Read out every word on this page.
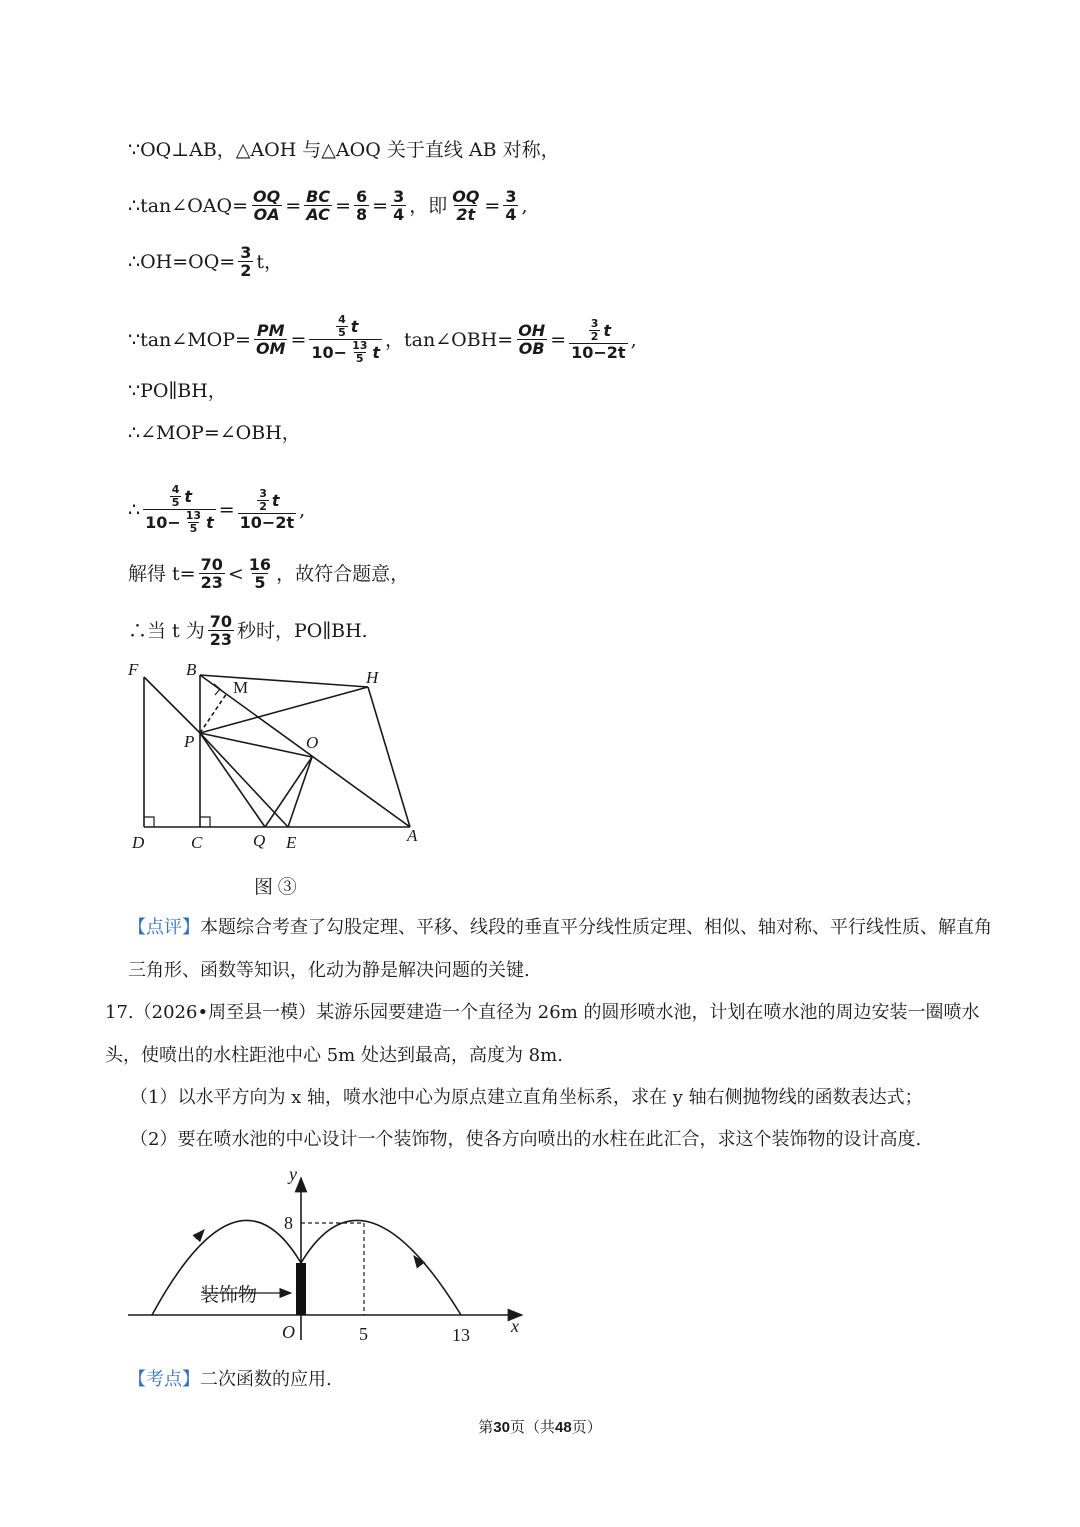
∵OQ⊥AB，△AOH 与△AOQ 关于直线 AB 对称，
∴tan∠OAQ= $\frac{OQ}{OA} = \frac{BC}{AC} = \frac{6}{8} = \frac{3}{4}$ ，即 $\frac{OQ}{2t} = \frac{3}{4}$ ,
∴OH=OQ= $\frac{3}{2}$ t，
∵tan∠MOP= $\frac{PM}{OM} = \frac{\frac{4}{5} t}{10- \frac{13}{5} t}$ ，tan∠OBH= $\frac{OH}{OB} = \frac{\frac{3}{2} t}{10-2t}$ ,
∵PO∥BH，
∴∠MOP=∠OBH，
∴ $\frac{\frac{4}{5} t}{10- \frac{13}{5} t} = \frac{\frac{3}{2} t}{10-2t}$ ,
解得 $t= \frac{70}{23} < \frac{16}{5}$ ，故符合题意，
∴当 t 为 $\frac{70}{23}$ 秒时，PO∥BH.
F	B
M
H
P	O
D	C	Q E	A
图 ③
【点评】本题综合考查了勾股定理、平移、线段的垂直平分线性质定理、相似、轴对称、平行线性质、解直角三角形、函数等知识，化动为静是解决问题的关键.
17.（2026•周至县一模）某游乐园要建造一个直径为 26m 的圆形喷水池，计划在喷水池的周边安装一圈喷水头，使喷出的水柱距池中心 5m 处达到最高，高度为 8m.
（1）以水平方向为 x 轴，喷水池中心为原点建立直角坐标系，求在 y 轴右侧抛物线的函数表达式；
（2）要在喷水池的中心设计一个装饰物，使各方向喷出的水柱在此汇合，求这个装饰物的设计高度.
y
x
O
8
5	13
装饰物
【考点】二次函数的应用.
第30页（共48页）
